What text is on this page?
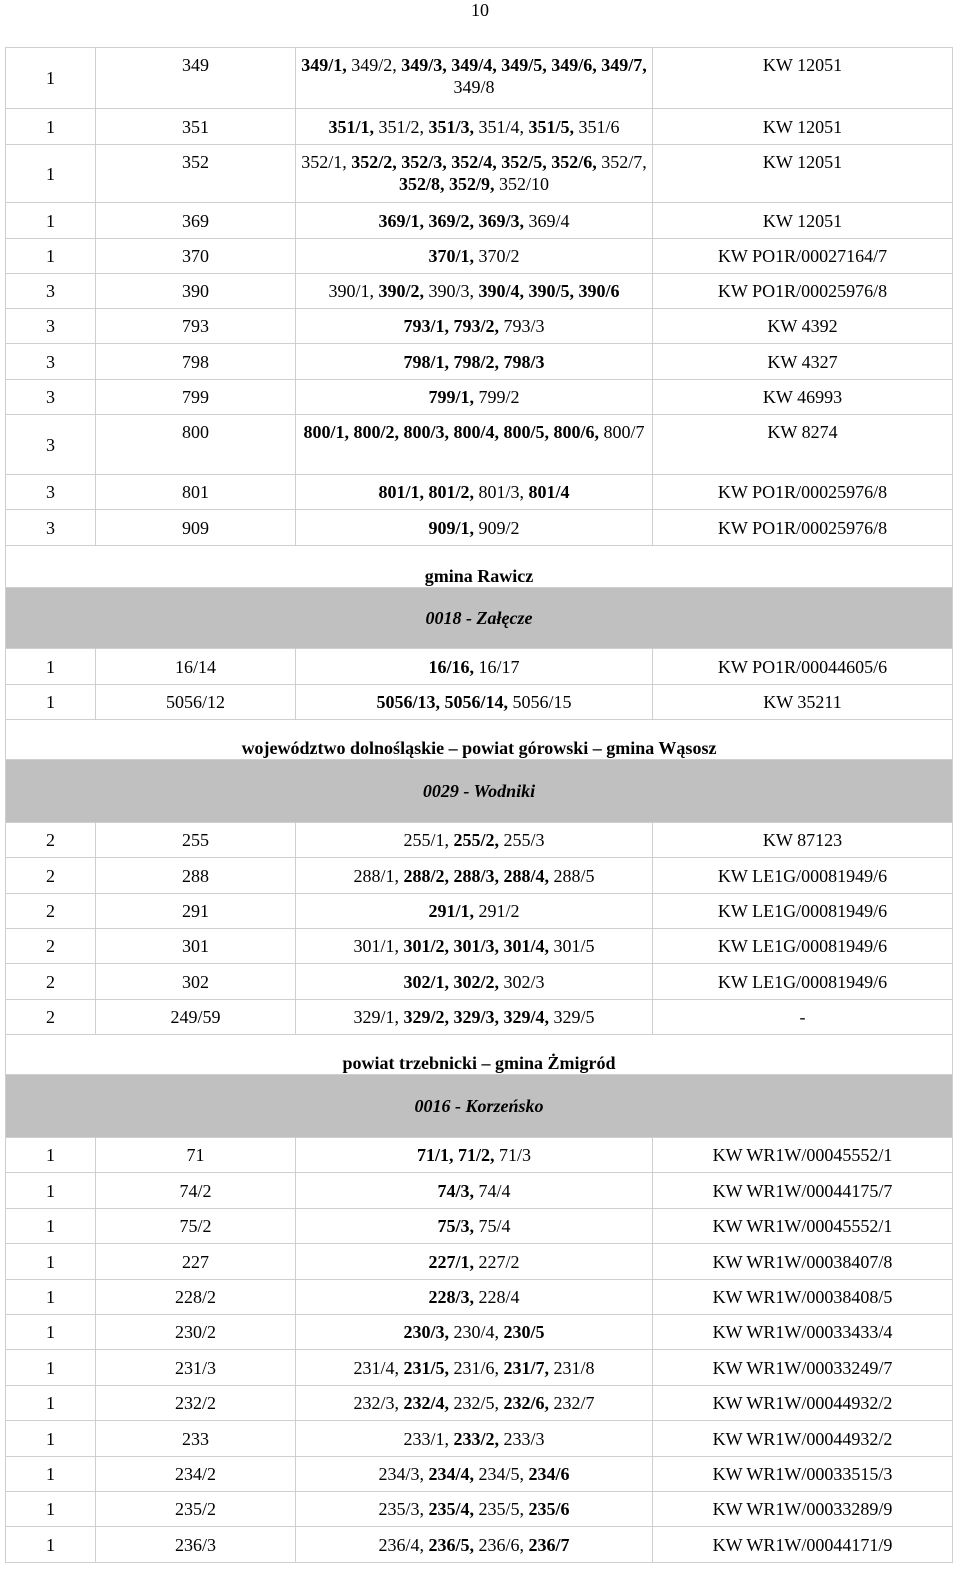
10
1	349	349/1, 349/2, 349/3, 349/4, 349/5, 349/6, 349/7, 349/8	KW 12051
1	351	351/1, 351/2, 351/3, 351/4, 351/5, 351/6	KW 12051
1	352	352/1, 352/2, 352/3, 352/4, 352/5, 352/6, 352/7, 352/8, 352/9, 352/10	KW 12051
1	369	369/1, 369/2, 369/3, 369/4	KW 12051
1	370	370/1, 370/2	KW PO1R/00027164/7
3	390	390/1, 390/2, 390/3, 390/4, 390/5, 390/6	KW PO1R/00025976/8
3	793	793/1, 793/2, 793/3	KW 4392
3	798	798/1, 798/2, 798/3	KW 4327
3	799	799/1, 799/2	KW 46993
3	800	800/1, 800/2, 800/3, 800/4, 800/5, 800/6, 800/7	KW 8274
3	801	801/1, 801/2, 801/3, 801/4	KW PO1R/00025976/8
3	909	909/1, 909/2	KW PO1R/00025976/8
gmina Rawicz			
0018 - Załęcze			
1	16/14	16/16, 16/17	KW PO1R/00044605/6
1	5056/12	5056/13, 5056/14, 5056/15	KW 35211
województwo dolnośląskie – powiat górowski – gmina Wąsosz			
0029 - Wodniki			
2	255	255/1, 255/2, 255/3	KW 87123
2	288	288/1, 288/2, 288/3, 288/4, 288/5	KW LE1G/00081949/6
2	291	291/1, 291/2	KW LE1G/00081949/6
2	301	301/1, 301/2, 301/3, 301/4, 301/5	KW LE1G/00081949/6
2	302	302/1, 302/2, 302/3	KW LE1G/00081949/6
2	249/59	329/1, 329/2, 329/3, 329/4, 329/5	-
powiat trzebnicki – gmina Żmigród			
0016 - Korzeńsko			
1	71	71/1, 71/2, 71/3	KW WR1W/00045552/1
1	74/2	74/3, 74/4	KW WR1W/00044175/7
1	75/2	75/3, 75/4	KW WR1W/00045552/1
1	227	227/1, 227/2	KW WR1W/00038407/8
1	228/2	228/3, 228/4	KW WR1W/00038408/5
1	230/2	230/3, 230/4, 230/5	KW WR1W/00033433/4
1	231/3	231/4, 231/5, 231/6, 231/7, 231/8	KW WR1W/00033249/7
1	232/2	232/3, 232/4, 232/5, 232/6, 232/7	KW WR1W/00044932/2
1	233	233/1, 233/2, 233/3	KW WR1W/00044932/2
1	234/2	234/3, 234/4, 234/5, 234/6	KW WR1W/00033515/3
1	235/2	235/3, 235/4, 235/5, 235/6	KW WR1W/00033289/9
1	236/3	236/4, 236/5, 236/6, 236/7	KW WR1W/00044171/9
